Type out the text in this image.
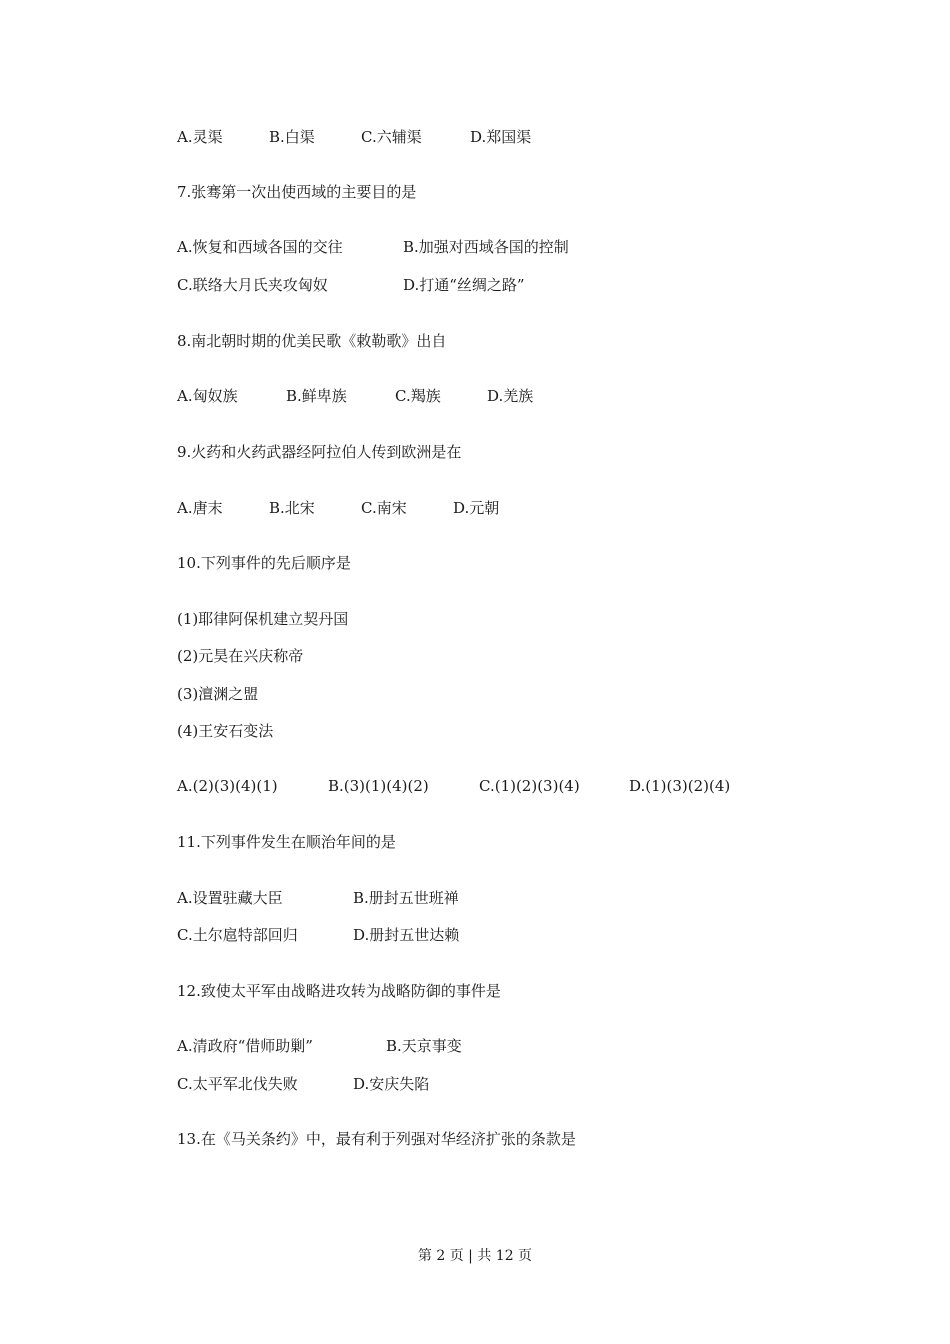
A.灵渠	B.白渠	C.六辅渠	D.郑国渠
7.张骞第一次出使西域的主要目的是
A.恢复和西域各国的交往	B.加强对西域各国的控制
C.联络大月氏夹攻匈奴	D.打通“丝绸之路”
8.南北朝时期的优美民歌《敕勒歌》出自
A.匈奴族	B.鲜卑族	C.羯族	D.羌族
9.火药和火药武器经阿拉伯人传到欧洲是在
A.唐末	B.北宋	C.南宋	D.元朝
10.下列事件的先后顺序是
(1)耶律阿保机建立契丹国
(2)元昊在兴庆称帝
(3)澶渊之盟
(4)王安石变法
A.(2)(3)(4)(1)	B.(3)(1)(4)(2)	C.(1)(2)(3)(4)	D.(1)(3)(2)(4)
11.下列事件发生在顺治年间的是
A.设置驻藏大臣	B.册封五世班禅
C.土尔扈特部回归	D.册封五世达赖
12.致使太平军由战略进攻转为战略防御的事件是
A.清政府“借师助剿”	B.天京事变
C.太平军北伐失败	D.安庆失陷
13.在《马关条约》中，最有利于列强对华经济扩张的条款是
第 2 页 | 共 12 页
